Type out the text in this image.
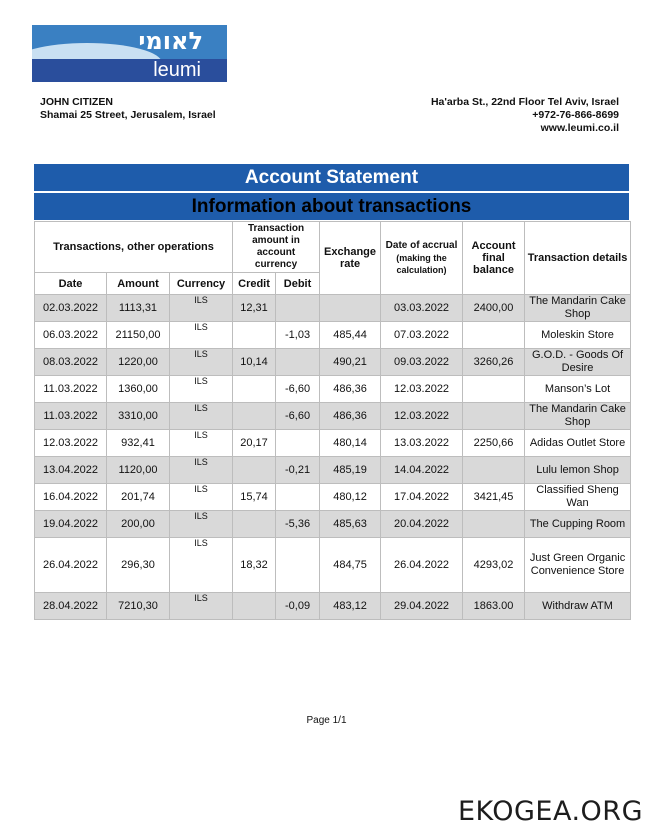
לאומי
leumi
JOHN CITIZEN
Shamai 25 Street, Jerusalem, Israel
Ha'arba St., 22nd Floor Tel Aviv, Israel
+972-76-866-8699
www.leumi.co.il
Account Statement
Information about transactions
Transactions, other operations			Transaction amount in account currency		Exchange rate	Date of accrual
(making the calculation)	Account final balance	Transaction details
Date	Amount	Currency	Credit	Debit				
02.03.2022	1113,31	ILS	12,31			03.03.2022	2400,00	The Mandarin Cake Shop
06.03.2022	21150,00	ILS		-1,03	485,44	07.03.2022		Moleskin Store
08.03.2022	1220,00	ILS	10,14		490,21	09.03.2022	3260,26	G.O.D. - Goods Of Desire
11.03.2022	1360,00	ILS		-6,60	486,36	12.03.2022		Manson’s Lot
11.03.2022	3310,00	ILS		-6,60	486,36	12.03.2022		The Mandarin Cake Shop
12.03.2022	932,41	ILS	20,17		480,14	13.03.2022	2250,66	Adidas Outlet Store
13.04.2022	1120,00	ILS		-0,21	485,19	14.04.2022		Lulu lemon Shop
16.04.2022	201,74	ILS	15,74		480,12	17.04.2022	3421,45	Classified Sheng Wan
19.04.2022	200,00	ILS		-5,36	485,63	20.04.2022		The Cupping Room
26.04.2022	296,30	ILS	18,32		484,75	26.04.2022	4293,02	Just Green Organic Convenience Store
28.04.2022	7210,30	ILS		-0,09	483,12	29.04.2022	1863.00	Withdraw ATM
Page 1/1
EKOGEA.ORG
